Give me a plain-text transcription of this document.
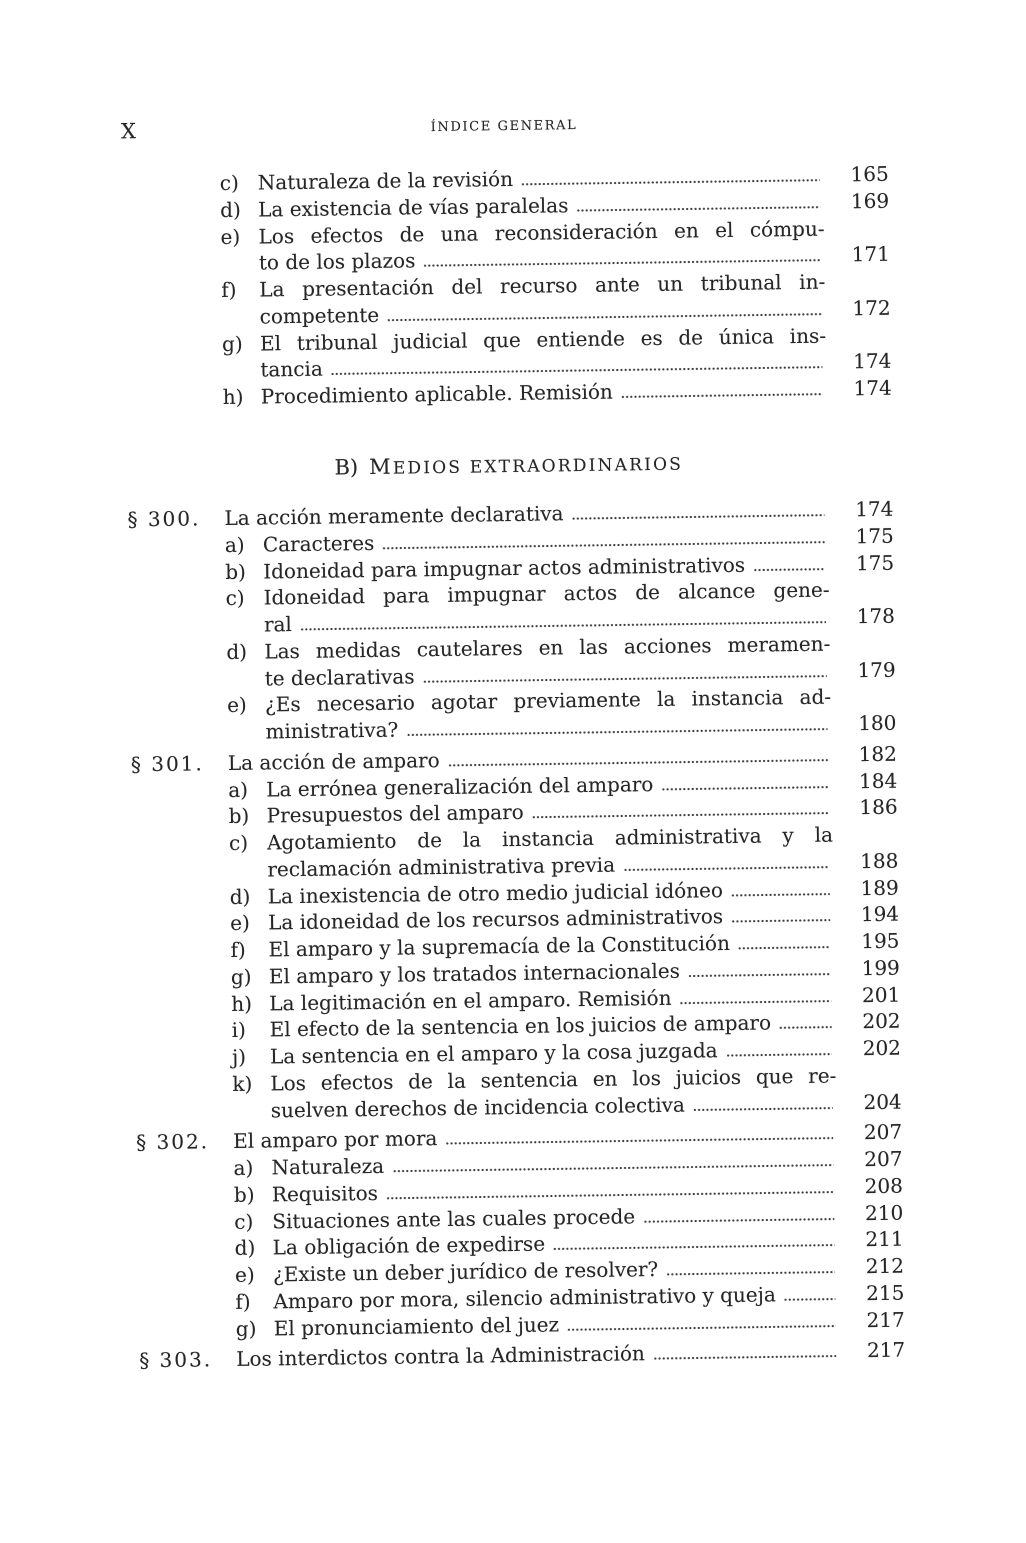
X	ÍNDICE GENERAL
c) Naturaleza de la revisión	165
d) La existencia de vías paralelas	169
e) Los efectos de una reconsideración en el cómpu-
to de los plazos	171
f)	La presentación del recurso ante un tribunal in-
competente	172
g) El tribunal judicial que entiende es de única ins-
tancia	174
h) Procedimiento aplicable. Remisión	174
B) MEDIOS EXTRAORDINARIOS
§ 300.	La acción meramente declarativa	174
a) Caracteres	175
b) Idoneidad para impugnar actos administrativos	175
c) Idoneidad para impugnar actos de alcance gene-
ral	178
d) Las medidas cautelares en las acciones meramen-
te declarativas	179
e) ¿Es necesario agotar previamente la instancia ad-
ministrativa?	180
§ 301.	La acción de amparo	182
a) La errónea generalización del amparo	184
b) Presupuestos del amparo	186
c) Agotamiento de la instancia administrativa y la
reclamación administrativa previa	188
d) La inexistencia de otro medio judicial idóneo	189
e) La idoneidad de los recursos administrativos	194
f)	El amparo y la supremacía de la Constitución	195
g) El amparo y los tratados internacionales	199
h) La legitimación en el amparo. Remisión	201
i)	El efecto de la sentencia en los juicios de amparo	202
j)	La sentencia en el amparo y la cosa juzgada	202
k) Los efectos de la sentencia en los juicios que re-
suelven derechos de incidencia colectiva	204
§ 302.	El amparo por mora	207
a) Naturaleza	207
b) Requisitos	208
c) Situaciones ante las cuales procede	210
d) La obligación de expedirse	211
e) ¿Existe un deber jurídico de resolver?	212
f)	Amparo por mora, silencio administrativo y queja	215
g) El pronunciamiento del juez	217
§ 303.	Los interdictos contra la Administración	217
